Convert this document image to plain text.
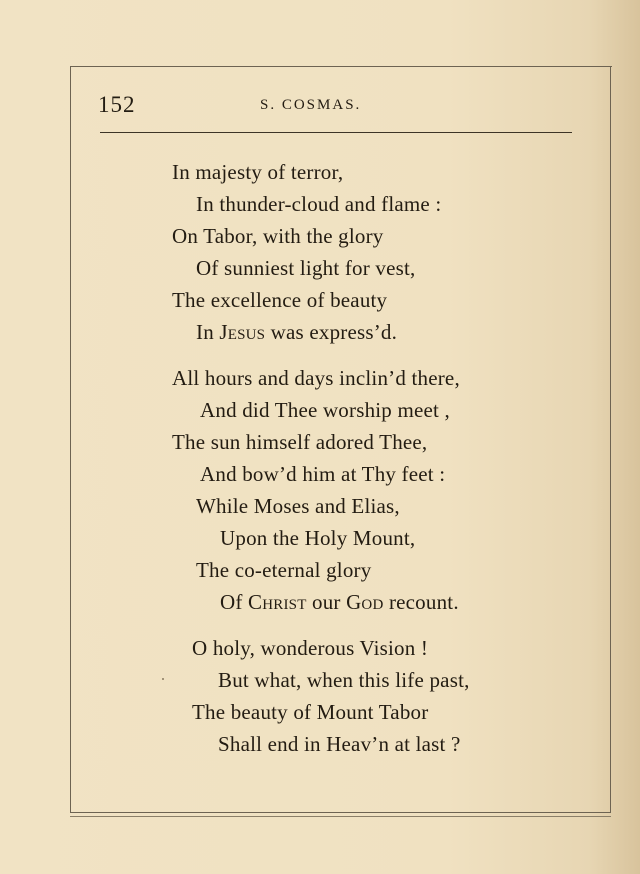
152	S. COSMAS.
In majesty of terror,
In thunder-cloud and flame :
On Tabor, with the glory
Of sunniest light for vest,
The excellence of beauty
In Jesus was express’d.
All hours and days inclin’d there,
And did Thee worship meet ,
The sun himself adored Thee,
And bow’d him at Thy feet :
While Moses and Elias,
Upon the Holy Mount,
The co-eternal glory
Of Christ our God recount.
O holy, wonderous Vision !
But what, when this life past,
The beauty of Mount Tabor
Shall end in Heav’n at last ?
